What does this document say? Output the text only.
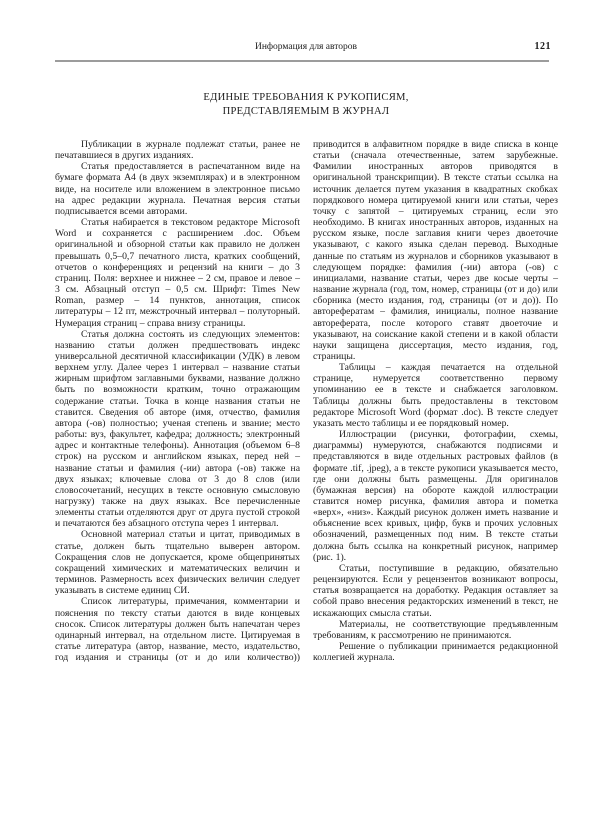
Информация для авторов	121
ЕДИНЫЕ ТРЕБОВАНИЯ К РУКОПИСЯМ,
ПРЕДСТАВЛЯЕМЫМ В ЖУРНАЛ

Публикации в журнале подлежат статьи, ранее не печатавшиеся в других изданиях.

Статья предоставляется в распечатанном виде на бумаге формата А4 (в двух экземплярах) и в электронном виде, на носителе или вложением в электронное письмо на адрес редакции журнала. Печатная версия статьи подписывается всеми авторами.

Статья набирается в текстовом редакторе Microsoft Word и сохраняется с расширением .doc. Объем оригинальной и обзорной статьи как правило не должен превышать 0,5–0,7 печатного листа, кратких сообщений, отчетов о конференциях и рецензий на книги – до 3 страниц. Поля: верхнее и нижнее – 2 см, правое и левое – 3 см. Абзацный отступ – 0,5 см. Шрифт: Times New Roman, размер – 14 пунктов, аннотация, список литературы – 12 пт, межстрочный интервал – полуторный. Нумерация страниц – справа внизу страницы.

Статья должна состоять из следующих элементов: названию статьи должен предшествовать индекс универсальной десятичной классификации (УДК) в левом верхнем углу. Далее через 1 интервал – название статьи жирным шрифтом заглавными буквами, название должно быть по возможности кратким, точно отражающим содержание статьи. Точка в конце названия статьи не ставится. Сведения об авторе (имя, отчество, фамилия автора (-ов) полностью; ученая степень и звание; место работы: вуз, факультет, кафедра; должность; электронный адрес и контактные телефоны). Аннотация (объемом 6–8 строк) на русском и английском языках, перед ней – название статьи и фамилия (-ии) автора (-ов) также на двух языках; ключевые слова от 3 до 8 слов (или словосочетаний, несущих в тексте основную смысловую нагрузку) также на двух языках. Все перечисленные элементы статьи отделяются друг от друга пустой строкой и печатаются без абзацного отступа через 1 интервал.

Основной материал статьи и цитат, приводимых в статье, должен быть тщательно выверен автором. Сокращения слов не допускается, кроме общепринятых сокращений химических и математических величин и терминов. Размерность всех физических величин следует указывать в системе единиц СИ.

Список литературы, примечания, комментарии и пояснения по тексту статьи даются в виде концевых сносок. Список литературы должен быть напечатан через одинарный интервал, на отдельном листе. Цитируемая в статье литература (автор, название, место, издательство, год издания и страницы (от и до или количество))

приводится в алфавитном порядке в виде списка в конце статьи (сначала отечественные, затем зарубежные. Фамилии иностранных авторов приводятся в оригинальной транскрипции). В тексте статьи ссылка на источник делается путем указания в квадратных скобках порядкового номера цитируемой книги или статьи, через точку с запятой – цитируемых страниц, если это необходимо. В книгах иностранных авторов, изданных на русском языке, после заглавия книги через двоеточие указывают, с какого языка сделан перевод. Выходные данные по статьям из журналов и сборников указывают в следующем порядке: фамилия (-ии) автора (-ов) с инициалами, название статьи, через две косые черты – название журнала (год, том, номер, страницы (от и до) или сборника (место издания, год, страницы (от и до)). По авторефератам – фамилия, инициалы, полное название автореферата, после которого ставят двоеточие и указывают, на соискание какой степени и в какой области науки защищена диссертация, место издания, год, страницы.

Таблицы – каждая печатается на отдельной странице, нумеруется соответственно первому упоминанию ее в тексте и снабжается заголовком. Таблицы должны быть предоставлены в текстовом редакторе Microsoft Word (формат .doc). В тексте следует указать место таблицы и ее порядковый номер.

Иллюстрации (рисунки, фотографии, схемы, диаграммы) нумеруются, снабжаются подписями и представляются в виде отдельных растровых файлов (в формате .tif, .jpeg), а в тексте рукописи указывается место, где они должны быть размещены. Для оригиналов (бумажная версия) на обороте каждой иллюстрации ставится номер рисунка, фамилия автора и пометка «верх», «низ». Каждый рисунок должен иметь название и объяснение всех кривых, цифр, букв и прочих условных обозначений, размещенных под ним. В тексте статьи должна быть ссылка на конкретный рисунок, например (рис. 1).

Статьи, поступившие в редакцию, обязательно рецензируются. Если у рецензентов возникают вопросы, статья возвращается на доработку. Редакция оставляет за собой право внесения редакторских изменений в текст, не искажающих смысла статьи.

Материалы, не соответствующие предъявленным требованиям, к рассмотрению не принимаются.

Решение о публикации принимается редакционной коллегией журнала.
